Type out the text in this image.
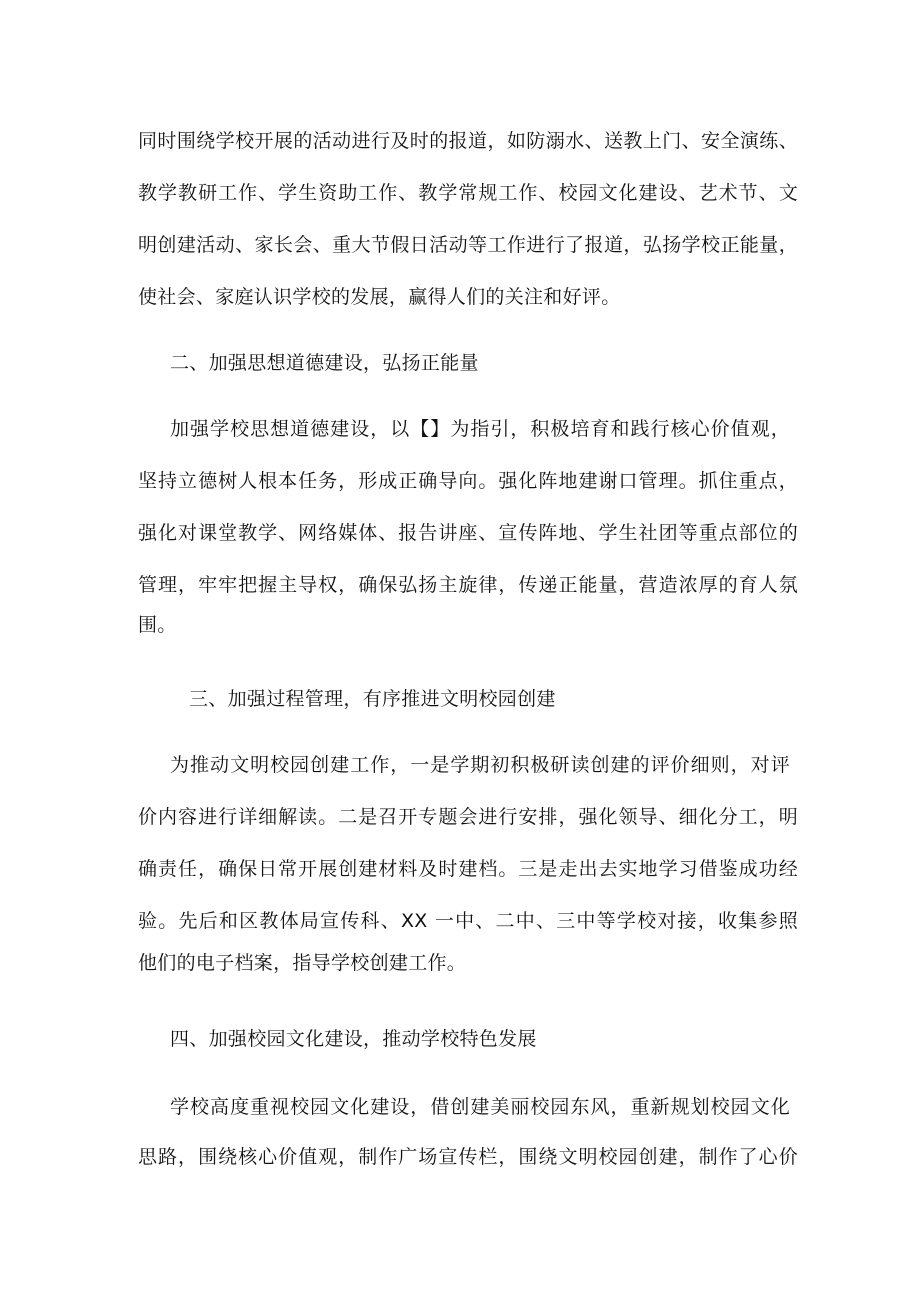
同时围绕学校开展的活动进行及时的报道，如防溺水、送教上门、安全演练、
教学教研工作、学生资助工作、教学常规工作、校园文化建设、艺术节、文
明创建活动、家长会、重大节假日活动等工作进行了报道，弘扬学校正能量，
使社会、家庭认识学校的发展，赢得人们的关注和好评。
二、加强思想道德建设，弘扬正能量
加强学校思想道德建设，以【】为指引，积极培育和践行核心价值观，
坚持立德树人根本任务，形成正确导向。强化阵地建谢口管理。抓住重点，
强化对课堂教学、网络媒体、报告讲座、宣传阵地、学生社团等重点部位的
管理，牢牢把握主导权，确保弘扬主旋律，传递正能量，营造浓厚的育人氛
围。
三、加强过程管理，有序推进文明校园创建
为推动文明校园创建工作，一是学期初积极研读创建的评价细则，对评
价内容进行详细解读。二是召开专题会进行安排，强化领导、细化分工，明
确责任，确保日常开展创建材料及时建档。三是走出去实地学习借鉴成功经
验。先后和区教体局宣传科、XX 一中、二中、三中等学校对接，收集参照
他们的电子档案，指导学校创建工作。
四、加强校园文化建设，推动学校特色发展
学校高度重视校园文化建设，借创建美丽校园东风，重新规划校园文化
思路，围绕核心价值观，制作广场宣传栏，围绕文明校园创建，制作了心价
